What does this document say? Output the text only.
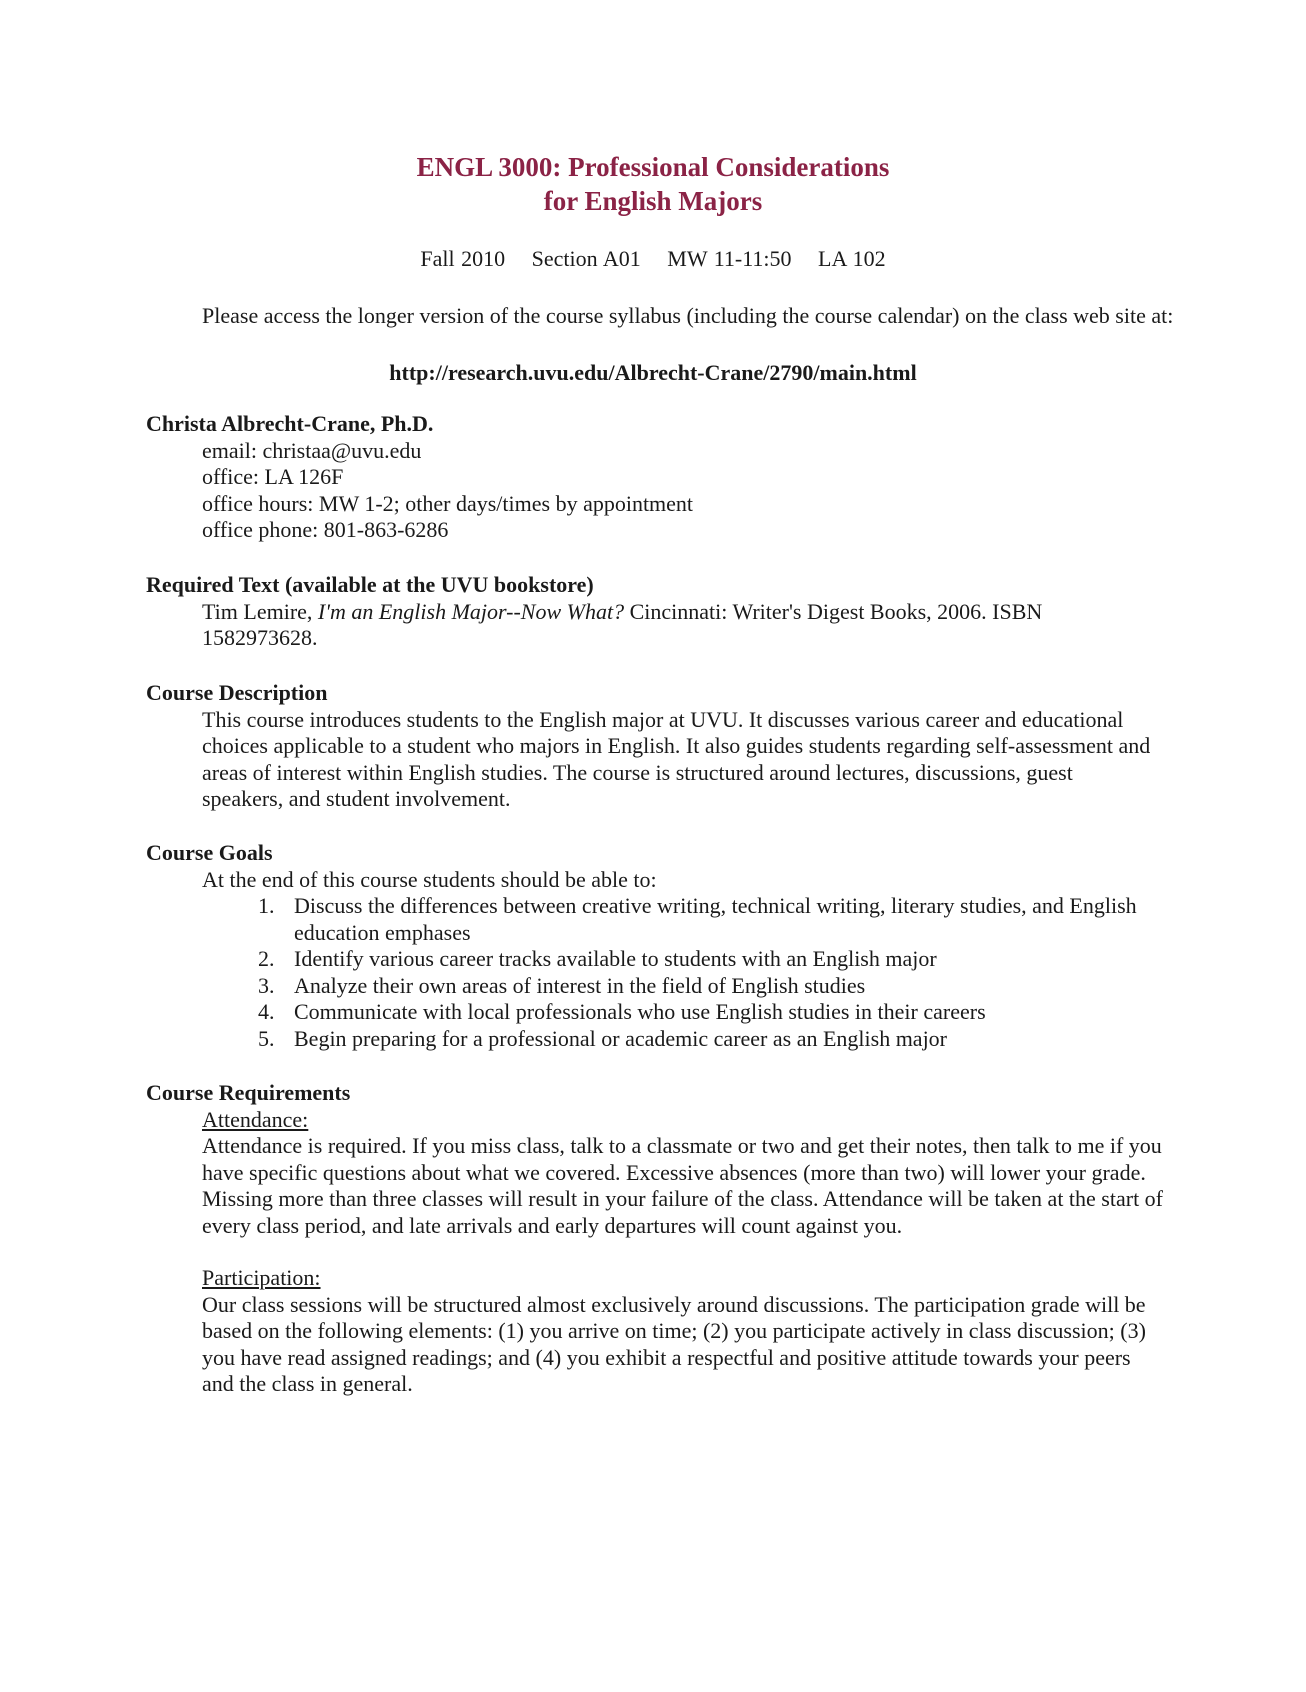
ENGL 3000: Professional Considerations
for English Majors
Fall 2010 Section A01 MW 11-11:50 LA 102
Please access the longer version of the course syllabus (including the course calendar) on the class web site at:
http://research.uvu.edu/Albrecht-Crane/2790/main.html
Christa Albrecht-Crane, Ph.D.
email: christaa@uvu.edu
office: LA 126F
office hours: MW 1-2; other days/times by appointment
office phone: 801-863-6286
Required Text (available at the UVU bookstore)
Tim Lemire, I'm an English Major--Now What? Cincinnati: Writer's Digest Books, 2006. ISBN 1582973628.
Course Description
This course introduces students to the English major at UVU. It discusses various career and educational choices applicable to a student who majors in English. It also guides students regarding self-assessment and areas of interest within English studies. The course is structured around lectures, discussions, guest speakers, and student involvement.
Course Goals
At the end of this course students should be able to:
1. Discuss the differences between creative writing, technical writing, literary studies, and English education emphases
2. Identify various career tracks available to students with an English major
3. Analyze their own areas of interest in the field of English studies
4. Communicate with local professionals who use English studies in their careers
5. Begin preparing for a professional or academic career as an English major
Course Requirements
Attendance:
Attendance is required. If you miss class, talk to a classmate or two and get their notes, then talk to me if you have specific questions about what we covered. Excessive absences (more than two) will lower your grade. Missing more than three classes will result in your failure of the class. Attendance will be taken at the start of every class period, and late arrivals and early departures will count against you.
Participation:
Our class sessions will be structured almost exclusively around discussions. The participation grade will be based on the following elements: (1) you arrive on time; (2) you participate actively in class discussion; (3) you have read assigned readings; and (4) you exhibit a respectful and positive attitude towards your peers and the class in general.
